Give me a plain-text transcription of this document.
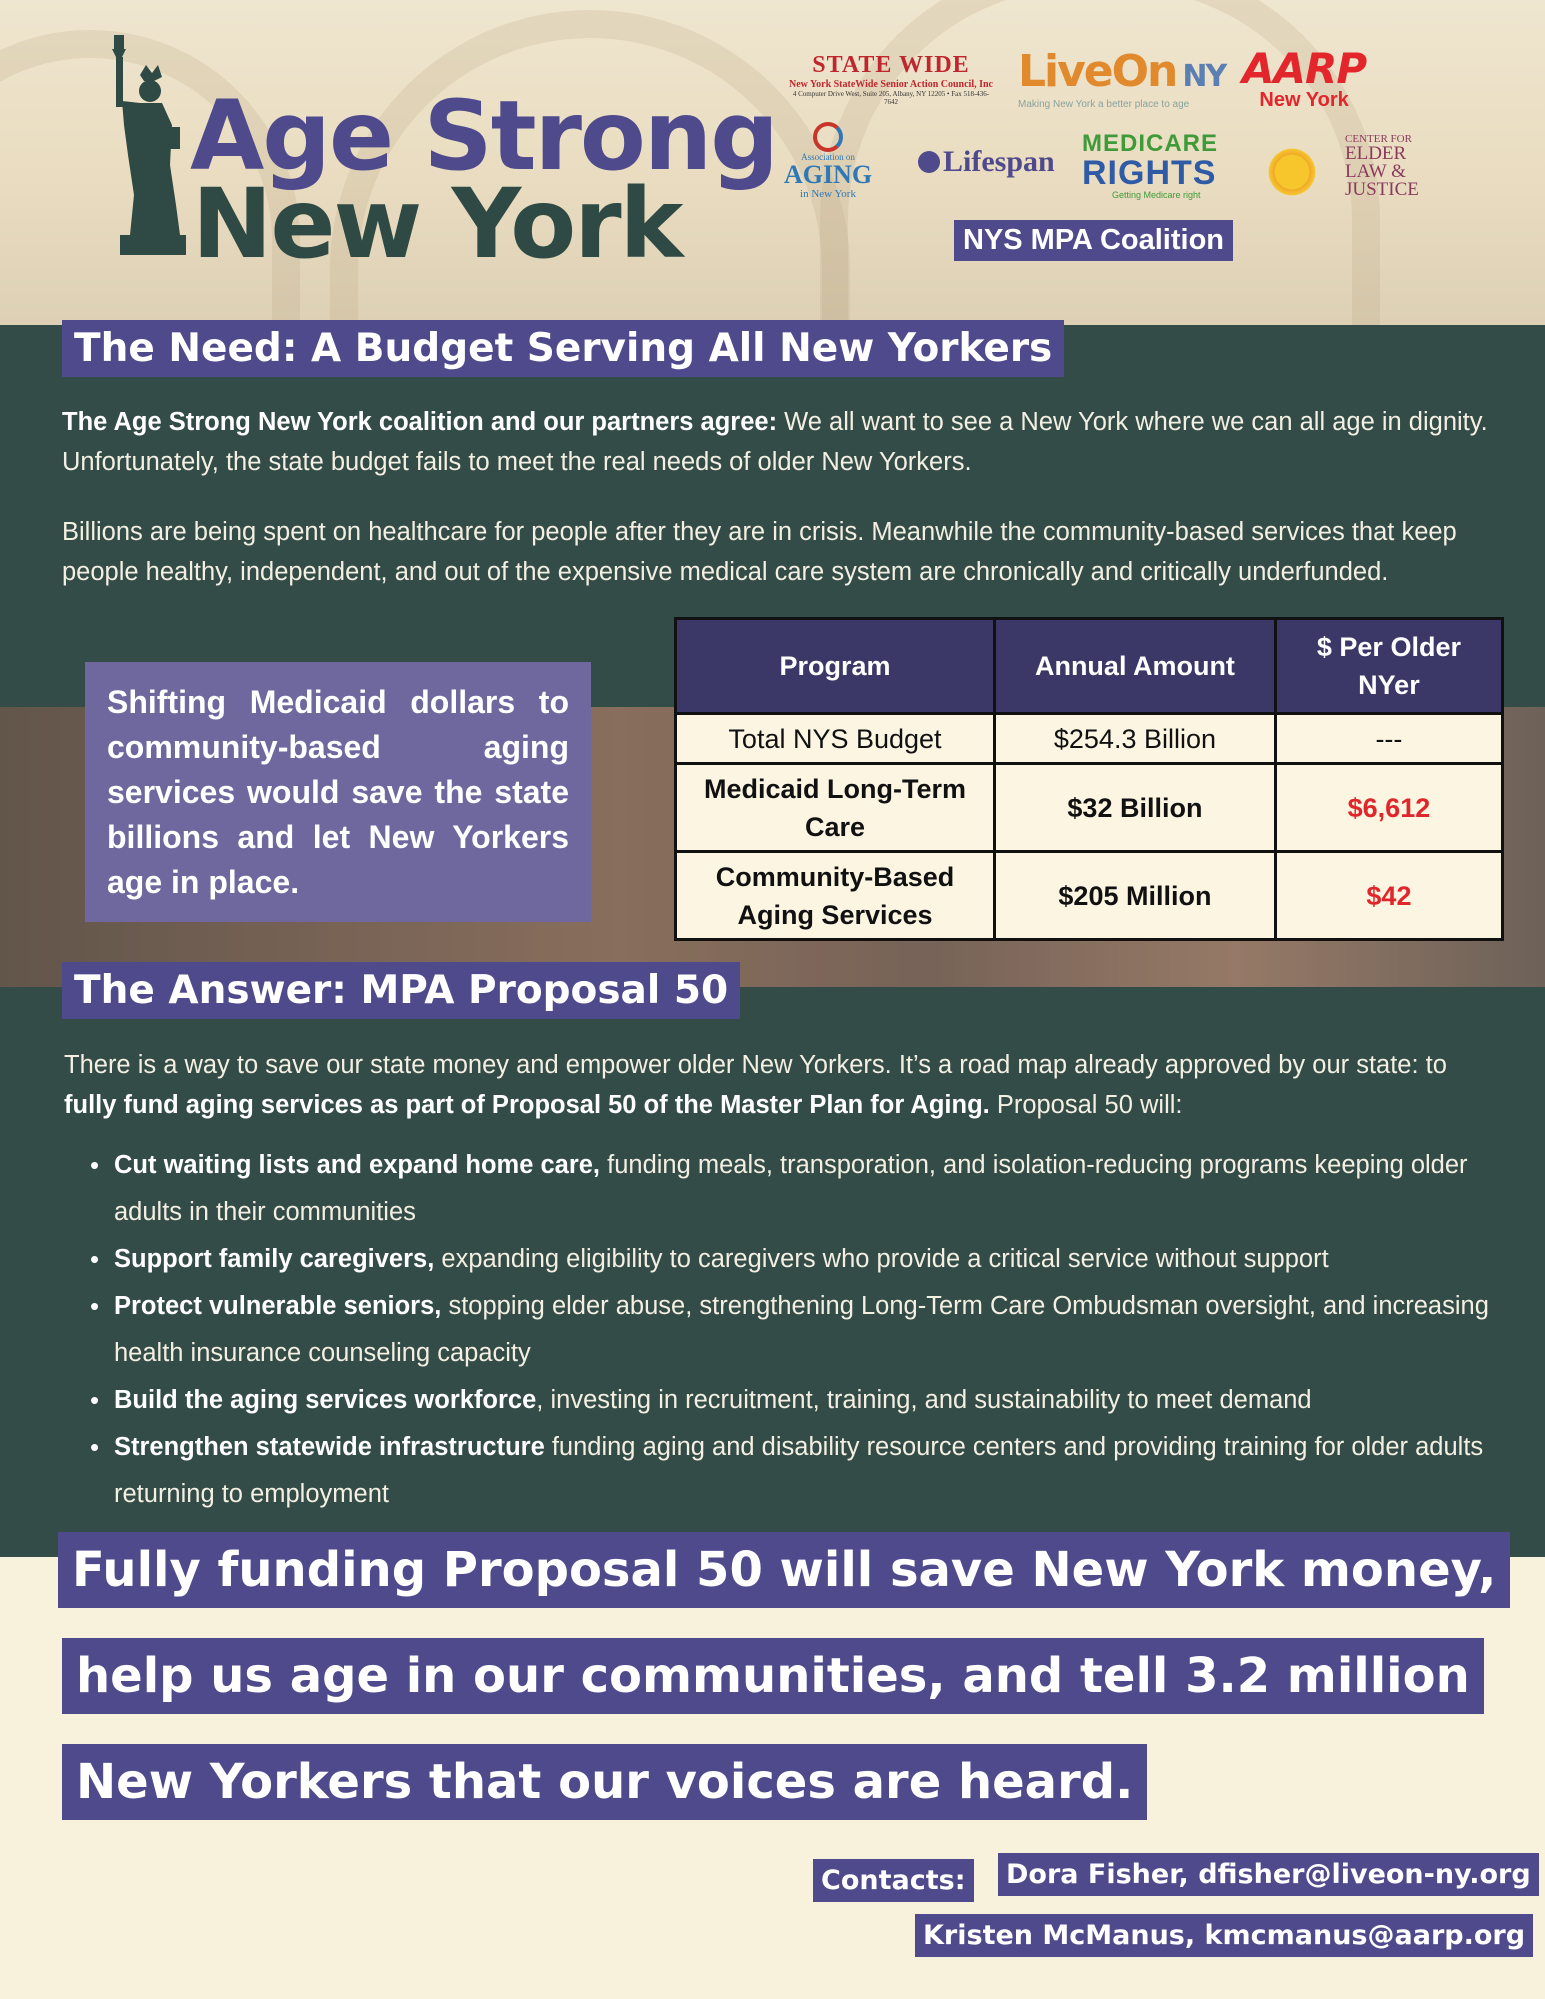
Age Strong
New York
STATE WIDE
New York StateWide Senior Action Council, Inc
4 Computer Drive West, Suite 205, Albany, NY 12205 • Fax 518-436-7642
LiveOn NY
Making New York a better place to age
AARP
New York
Association on
AGING
in New York
Lifespan
MEDICARE
RIGHTS
Getting Medicare right
CENTER FOR
ELDER
LAW &
JUSTICE
NYS MPA Coalition
The Need: A Budget Serving All New Yorkers

The Age Strong New York coalition and our partners agree: We all want to see a New York where we can all age in dignity. Unfortunately, the state budget fails to meet the real needs of older New Yorkers.

Billions are being spent on healthcare for people after they are in crisis. Meanwhile the community-based services that keep people healthy, independent, and out of the expensive medical care system are chronically and critically underfunded.

Shifting Medicaid dollars to community-based aging services would save the state billions and let New Yorkers age in place.
Program	Annual Amount	$ Per Older NYer
Total NYS Budget	$254.3 Billion	---
Medicaid Long-Term Care	$32 Billion	$6,612
Community-Based Aging Services	$205 Million	$42
The Answer: MPA Proposal 50

There is a way to save our state money and empower older New Yorkers. It’s a road map already approved by our state: to fully fund aging services as part of Proposal 50 of the Master Plan for Aging. Proposal 50 will:

• Cut waiting lists and expand home care, funding meals, transporation, and isolation-reducing programs keeping older adults in their communities
• Support family caregivers, expanding eligibility to caregivers who provide a critical service without support
• Protect vulnerable seniors, stopping elder abuse, strengthening Long-Term Care Ombudsman oversight, and increasing health insurance counseling capacity
• Build the aging services workforce, investing in recruitment, training, and sustainability to meet demand
• Strengthen statewide infrastructure funding aging and disability resource centers and providing training for older adults returning to employment
Fully funding Proposal 50 will save New York money,
help us age in our communities, and tell 3.2 million
New Yorkers that our voices are heard.
Contacts: Dora Fisher, dfisher@liveon-ny.org
Kristen McManus, kmcmanus@aarp.org
